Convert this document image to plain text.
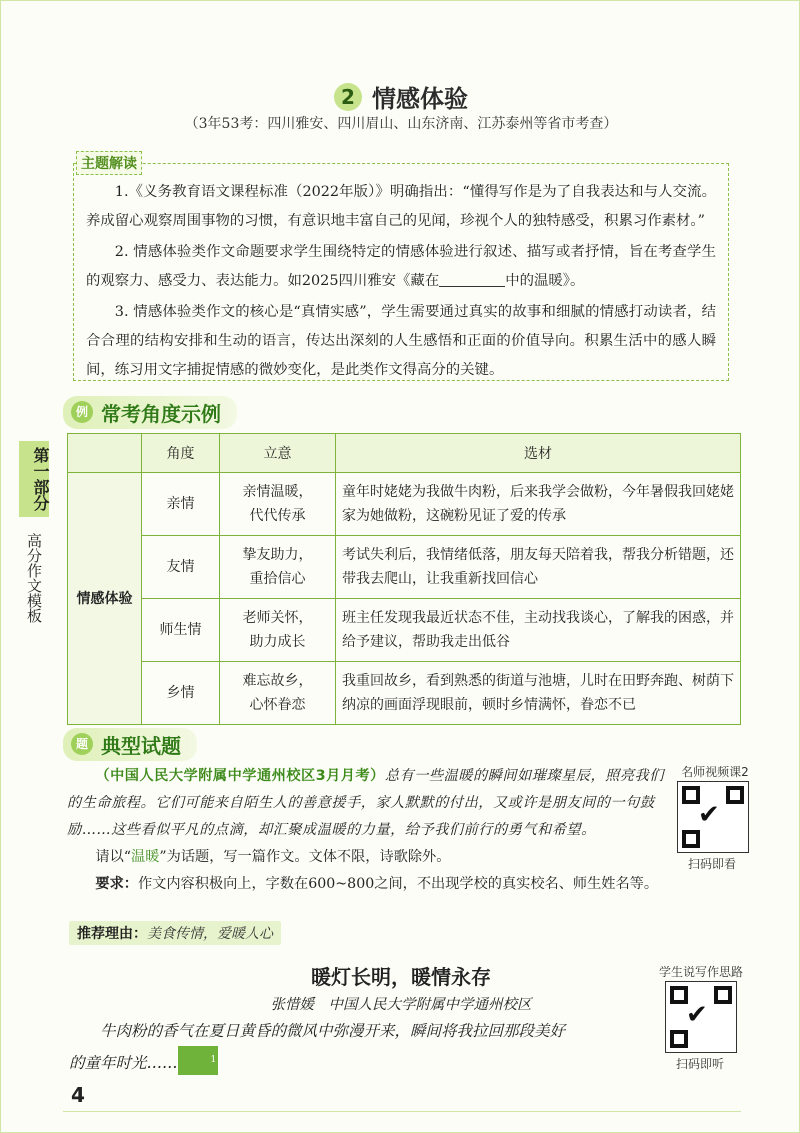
2 情感体验
（3年53考：四川雅安、四川眉山、山东济南、江苏泰州等省市考查）

1.《义务教育语文课程标准（2022年版）》明确指出：“懂得写作是为了自我表达和与人交流。养成留心观察周围事物的习惯，有意识地丰富自己的见闻，珍视个人的独特感受，积累习作素材。”

2. 情感体验类作文命题要求学生围绕特定的情感体验进行叙述、描写或者抒情，旨在考查学生的观察力、感受力、表达能力。如2025四川雅安《藏在	中的温暖》。

3. 情感体验类作文的核心是“真情实感”，学生需要通过真实的故事和细腻的情感打动读者，结合合理的结构安排和生动的语言，传达出深刻的人生感悟和正面的价值导向。积累生活中的感人瞬间，练习用文字捕捉情感的微妙变化，是此类作文得高分的关键。

主题解读
例 常考角度示例
第一部分
高分作文模板
	角度	立意	选材
情感体验	亲情	亲情温暖，
代代传承	童年时姥姥为我做牛肉粉，后来我学会做粉，今年暑假我回姥姥家为她做粉，这碗粉见证了爱的传承
	友情	挚友助力，
重拾信心	考试失利后，我情绪低落，朋友每天陪着我，帮我分析错题，还带我去爬山，让我重新找回信心
	师生情	老师关怀，
助力成长	班主任发现我最近状态不佳，主动找我谈心，了解我的困惑，并给予建议，帮助我走出低谷
	乡情	难忘故乡，
心怀眷恋	我重回故乡，看到熟悉的街道与池塘，儿时在田野奔跑、树荫下纳凉的画面浮现眼前，顿时乡情满怀，眷恋不已
题 典型试题

（中国人民大学附属中学通州校区3月月考）总有一些温暖的瞬间如璀璨星辰，照亮我们的生命旅程。它们可能来自陌生人的善意援手，家人默默的付出，又或许是朋友间的一句鼓励……这些看似平凡的点滴，却汇聚成温暖的力量，给予我们前行的勇气和希望。

请以“温暖”为话题，写一篇作文。文体不限，诗歌除外。

要求：作文内容积极向上，字数在600~800之间，不出现学校的真实校名、师生姓名等。

名师视频课2
✔
扫码即看
推荐理由：美食传情，爱暖人心
暖灯长明，暖情永存
张惜媛　中国人民大学附属中学通州校区

牛肉粉的香气在夏日黄昏的微风中弥漫开来，瞬间将我拉回那段美好的童年时光……	1

学生说写作思路
✔
扫码即听
4
